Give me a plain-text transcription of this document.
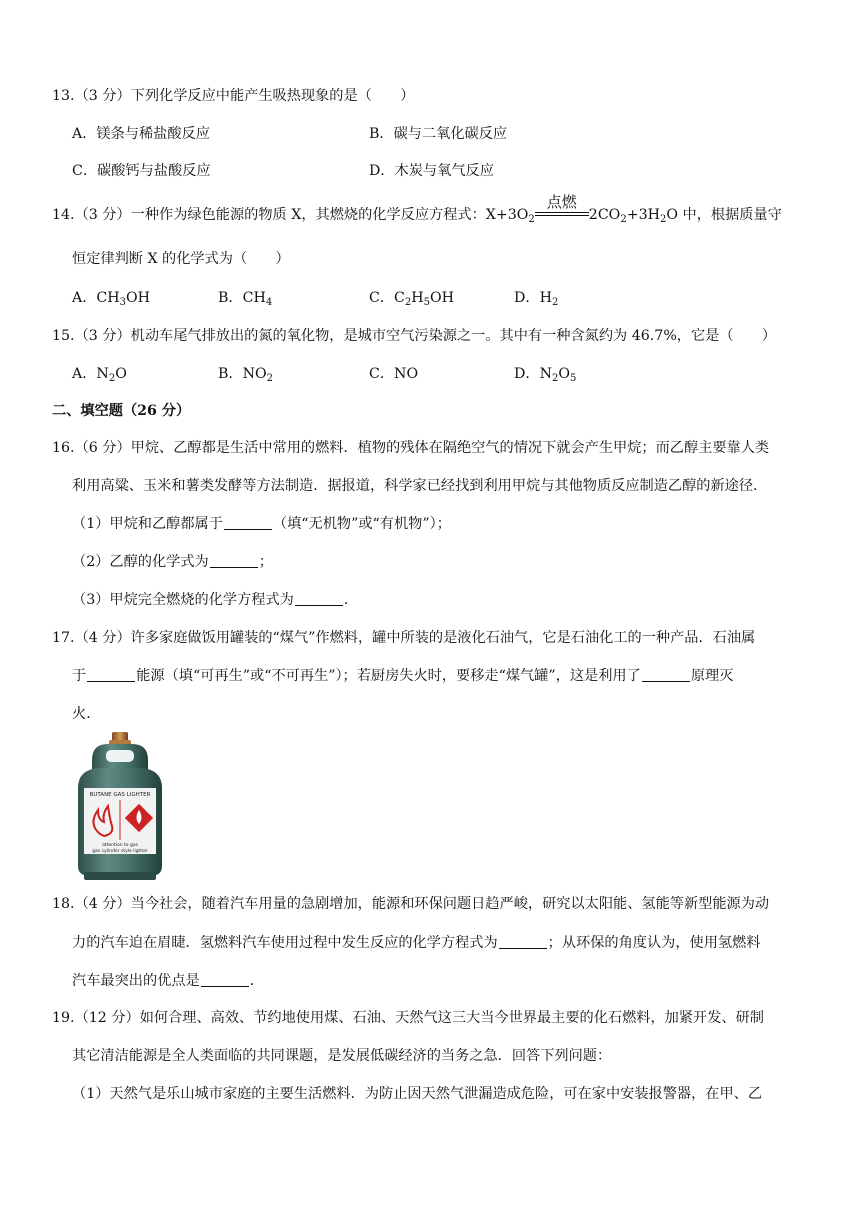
13.（3 分）下列化学反应中能产生吸热现象的是（　　）
A．镁条与稀盐酸反应	B．碳与二氧化碳反应
C．碳酸钙与盐酸反应	D．木炭与氧气反应
14.（3 分）一种作为绿色能源的物质 X，其燃烧的化学反应方程式：$X+3O_2$
点燃
$2CO_2+3H_2O$ 中，根据质量守
恒定律判断 X 的化学式为（　　）
A．$CH_3OH$	B．$CH_4$	C．$C_2H_5OH$	D．$H_2$
15.（3 分）机动车尾气排放出的氮的氧化物，是城市空气污染源之一。其中有一种含氮约为 46.7%，它是（　　）
A．$N_2O$	B．$NO_2$	C．NO	D．$N_2O_5$
二、填空题（26 分）
16.（6 分）甲烷、乙醇都是生活中常用的燃料．植物的残体在隔绝空气的情况下就会产生甲烷；而乙醇主要靠人类
利用高粱、玉米和薯类发酵等方法制造．据报道，科学家已经找到利用甲烷与其他物质反应制造乙醇的新途径．
（1）甲烷和乙醇都属于	（填“无机物”或“有机物”）；
（2）乙醇的化学式为	；
（3）甲烷完全燃烧的化学方程式为	．
17.（4 分）许多家庭做饭用罐装的“煤气”作燃料，罐中所装的是液化石油气，它是石油化工的一种产品．石油属
于	能源（填“可再生”或“不可再生”）；若厨房失火时，要移走“煤气罐”，这是利用了	原理灭
火．
BUTANE GAS LIGHTER
attention to gas
gas cylinder style lighter
18.（4 分）当今社会，随着汽车用量的急剧增加，能源和环保问题日趋严峻，研究以太阳能、氢能等新型能源为动
力的汽车迫在眉睫．氢燃料汽车使用过程中发生反应的化学方程式为	；从环保的角度认为，使用氢燃料
汽车最突出的优点是	．
19.（12 分）如何合理、高效、节约地使用煤、石油、天然气这三大当今世界最主要的化石燃料，加紧开发、研制
其它清洁能源是全人类面临的共同课题，是发展低碳经济的当务之急．回答下列问题：
（1）天然气是乐山城市家庭的主要生活燃料．为防止因天然气泄漏造成危险，可在家中安装报警器，在甲、乙
